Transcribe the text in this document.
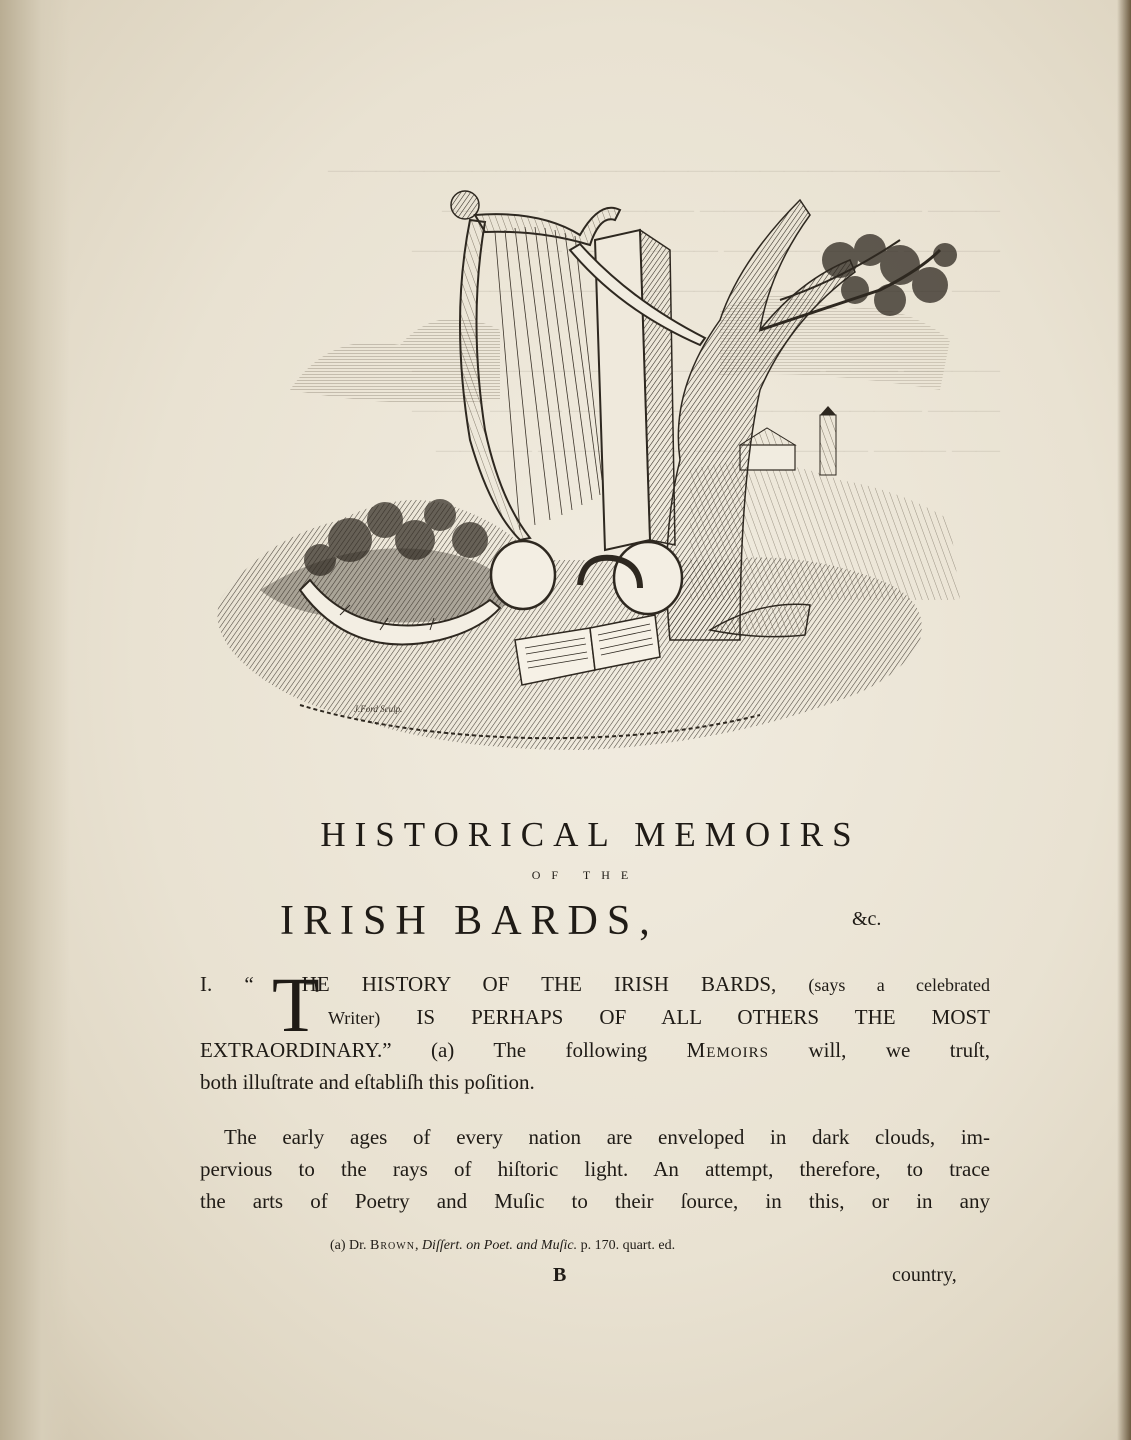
————————————————————————————
——— ————— ———— ——— ——— ————
———— ——— ———— ——— ——— ——— ———
—— ——— ——— ————

———— —————
——— ———— ——— ——— ———
—— ——— ———
J.Ford Sculp.
HISTORICAL MEMOIRS
OF THE
IRISH BARDS,	&c.
T
I. “ HE HISTORY OF THE IRISH BARDS, (says a celebrated
Writer) IS PERHAPS OF ALL OTHERS THE MOST
EXTRAORDINARY.” (a) The following Memoirs will, we truſt,
both illuſtrate and eſtabliſh this poſition.
The early ages of every nation are enveloped in dark clouds, im-
pervious to the rays of hiſtoric light. An attempt, therefore, to trace
the arts of Poetry and Muſic to their ſource, in this, or in any
(a) Dr. Brown, Diſſert. on Poet. and Muſic. p. 170. quart. ed.
B	country,
